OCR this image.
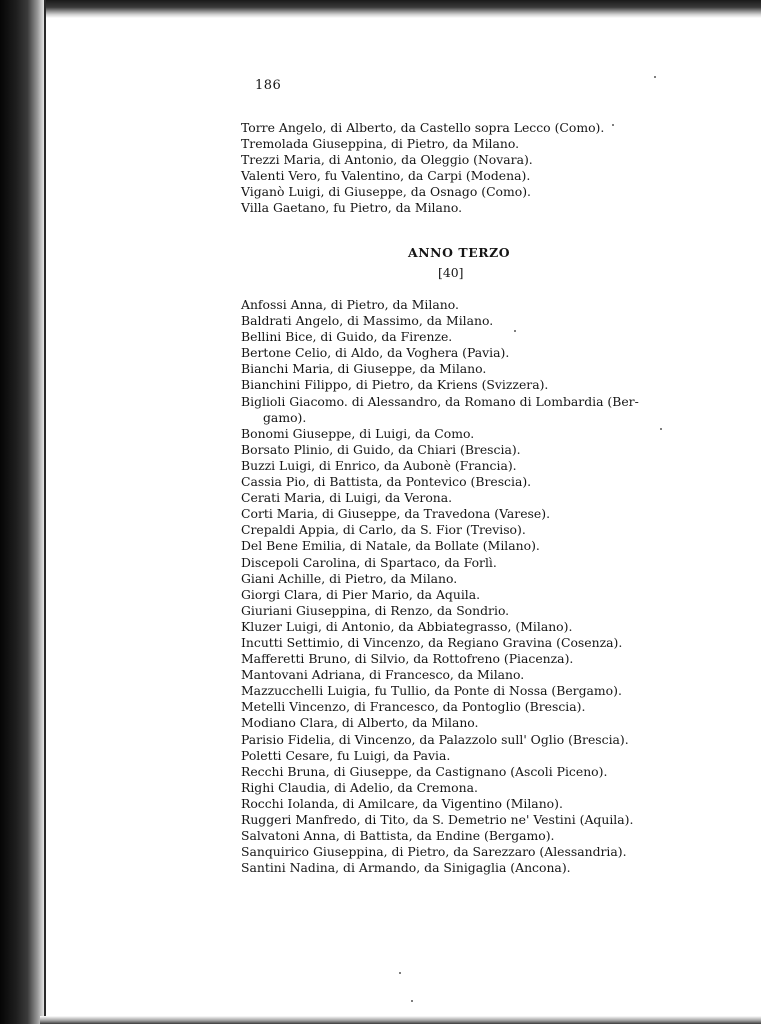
186
Torre Angelo, di Alberto, da Castello sopra Lecco (Como).
Tremolada Giuseppina, di Pietro, da Milano.
Trezzi Maria, di Antonio, da Oleggio (Novara).
Valenti Vero, fu Valentino, da Carpi (Modena).
Viganò Luigi, di Giuseppe, da Osnago (Como).
Villa Gaetano, fu Pietro, da Milano.
ANNO TERZO
[40]
Anfossi Anna, di Pietro, da Milano.
Baldrati Angelo, di Massimo, da Milano.
Bellini Bice, di Guido, da Firenze.
Bertone Celio, di Aldo, da Voghera (Pavia).
Bianchi Maria, di Giuseppe, da Milano.
Bianchini Filippo, di Pietro, da Kriens (Svizzera).
Biglioli Giacomo. di Alessandro, da Romano di Lombardia (Ber-
gamo).
Bonomi Giuseppe, di Luigi, da Como.
Borsato Plinio, di Guido, da Chiari (Brescia).
Buzzi Luigi, di Enrico, da Aubonè (Francia).
Cassia Pio, di Battista, da Pontevico (Brescia).
Cerati Maria, di Luigi, da Verona.
Corti Maria, di Giuseppe, da Travedona (Varese).
Crepaldi Appia, di Carlo, da S. Fior (Treviso).
Del Bene Emilia, di Natale, da Bollate (Milano).
Discepoli Carolina, di Spartaco, da Forlì.
Giani Achille, di Pietro, da Milano.
Giorgi Clara, di Pier Mario, da Aquila.
Giuriani Giuseppina, di Renzo, da Sondrio.
Kluzer Luigi, di Antonio, da Abbiategrasso, (Milano).
Incutti Settimio, di Vincenzo, da Regiano Gravina (Cosenza).
Mafferetti Bruno, di Silvio, da Rottofreno (Piacenza).
Mantovani Adriana, di Francesco, da Milano.
Mazzucchelli Luigia, fu Tullio, da Ponte di Nossa (Bergamo).
Metelli Vincenzo, di Francesco, da Pontoglio (Brescia).
Modiano Clara, di Alberto, da Milano.
Parisio Fidelia, di Vincenzo, da Palazzolo sull' Oglio (Brescia).
Poletti Cesare, fu Luigi, da Pavia.
Recchi Bruna, di Giuseppe, da Castignano (Ascoli Piceno).
Righi Claudia, di Adelio, da Cremona.
Rocchi Iolanda, di Amilcare, da Vigentino (Milano).
Ruggeri Manfredo, di Tito, da S. Demetrio ne' Vestini (Aquila).
Salvatoni Anna, di Battista, da Endine (Bergamo).
Sanquirico Giuseppina, di Pietro, da Sarezzaro (Alessandria).
Santini Nadina, di Armando, da Sinigaglia (Ancona).
